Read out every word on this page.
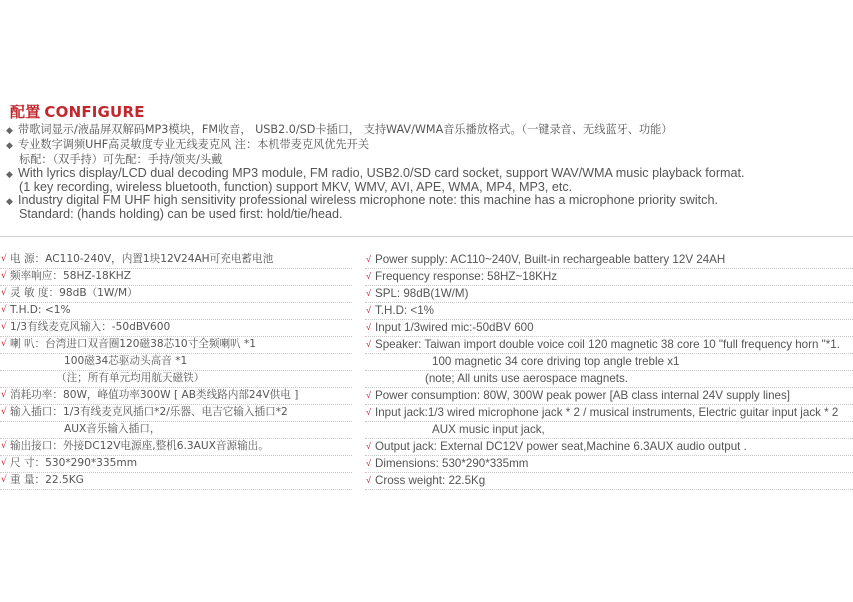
配置 CONFIGURE
◆ 带歌词显示/液晶屏双解码MP3模块，FM收音， USB2.0/SD卡插口， 支持WAV/WMA音乐播放格式。（一键录音、无线蓝牙、功能）
◆ 专业数字调频UHF高灵敏度专业无线麦克风 注：本机带麦克风优先开关
标配：（双手持）可先配：手持/领夹/头戴
◆ With lyrics display/LCD dual decoding MP3 module, FM radio, USB2.0/SD card socket, support WAV/WMA music playback format.
(1 key recording, wireless bluetooth, function) support MKV, WMV, AVI, APE, WMA, MP4, MP3, etc.
◆ Industry digital FM UHF high sensitivity professional wireless microphone note: this machine has a microphone priority switch.
Standard: (hands holding) can be used first: hold/tie/head.
√ 电 源：AC110-240V，内置1块12V24AH可充电蓄电池
√ 频率响应：58HZ-18KHZ
√ 灵 敏 度：98dB（1W/M）
√ T.H.D: <1%
√ 1/3有线麦克风输入：-50dBV600
√ 喇 叭：台湾进口双音圈120磁38芯10寸全频喇叭 *1
100磁34芯驱动头高音 *1
（注；所有单元均用航天磁铁）
√ 消耗功率：80W，峰值功率300W [ AB类线路内部24V供电 ]
√ 输入插口：1/3有线麦克风插口*2/乐器、电吉它输入插口*2
AUX音乐输入插口，
√ 输出接口：外接DC12V电源座,整机6.3AUX音源输出。
√ 尺 寸：530*290*335mm
√ 重 量：22.5KG
√ Power supply: AC110~240V, Built-in rechargeable battery 12V 24AH
√ Frequency response: 58HZ~18KHz
√ SPL: 98dB(1W/M)
√ T.H.D: <1%
√ Input 1/3wired mic:-50dBV 600
√ Speaker: Taiwan import double voice coil 120 magnetic 38 core 10 "full frequency horn "*1.
100 magnetic 34 core driving top angle treble x1
(note; All units use aerospace magnets.
√ Power consumption: 80W, 300W peak power [AB class internal 24V supply lines]
√ Input jack:1/3 wired microphone jack * 2 / musical instruments, Electric guitar input jack * 2
AUX music input jack,
√ Output jack: External DC12V power seat,Machine 6.3AUX audio output .
√ Dimensions: 530*290*335mm
√ Cross weight: 22.5Kg
